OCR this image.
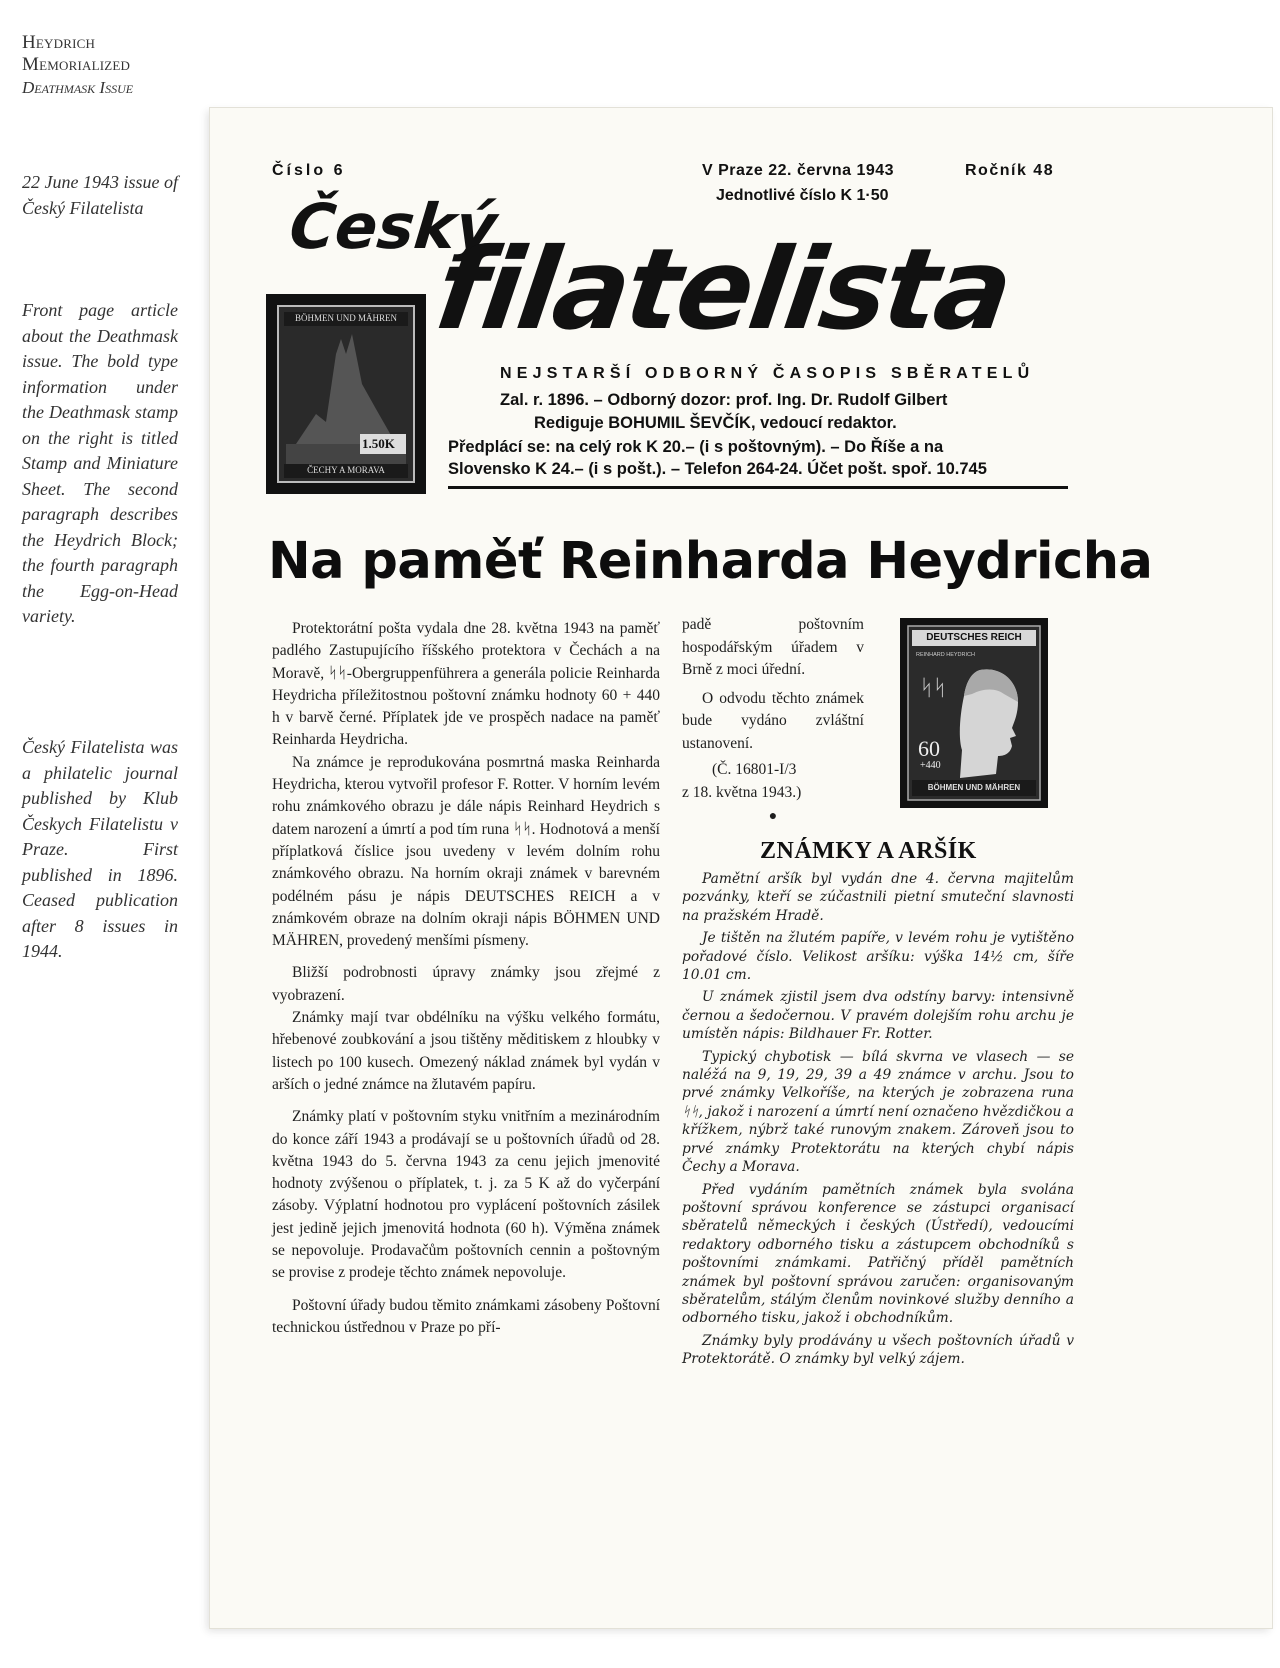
Heydrich Memorialized
Deathmask Issue
22 June 1943 issue of Český Filatelista
Front page article about the Deathmask issue. The bold type information under the Deathmask stamp on the right is titled Stamp and Miniature Sheet. The second paragraph describes the Heydrich Block; the fourth paragraph the Egg-on-Head variety.
Český Filatelista was a philatelic journal published by Klub Českych Filatelistu v Praze. First published in 1896. Ceased publication after 8 issues in 1944.
Číslo 6	V Praze 22. června 1943	Ročník 48
Jednotlivé číslo K 1·50
Český
filatelista
BÖHMEN UND MÄHREN
1.50K
ČECHY A MORAVA
NEJSTARŠÍ ODBORNÝ ČASOPIS SBĚRATELŮ
Zal. r. 1896. – Odborný dozor: prof. Ing. Dr. Rudolf Gilbert
Rediguje BOHUMIL ŠEVČÍK, vedoucí redaktor.
Předplácí se: na celý rok K 20.– (i s poštovným). – Do Říše a na
Slovensko K 24.– (i s pošt.). – Telefon 264-24. Účet pošt. spoř. 10.745
Na paměť Reinharda Heydricha

Protektorátní pošta vydala dne 28. května 1943 na paměť padlého Zastupujícího říšského protektora v Čechách a na Moravě, ᛋᛋ-Obergruppenführera a generála policie Reinharda Heydricha příležitostnou poštovní známku hodnoty 60 + 440 h v barvě černé. Příplatek jde ve prospěch nadace na paměť Reinharda Heydricha.

Na známce je reprodukována posmrtná maska Reinharda Heydricha, kterou vytvořil profesor F. Rotter. V horním levém rohu známkového obrazu je dále nápis Reinhard Heydrich s datem narození a úmrtí a pod tím runa ᛋᛋ. Hodnotová a menší příplatková číslice jsou uvedeny v levém dolním rohu známkového obrazu. Na horním okraji známek v barevném podélném pásu je nápis DEUTSCHES REICH a v známkovém obraze na dolním okraji nápis BÖHMEN UND MÄHREN, provedený menšími písmeny.

Bližší podrobnosti úpravy známky jsou zřejmé z vyobrazení.

Známky mají tvar obdélníku na výšku velkého formátu, hřebenové zoubkování a jsou tištěny měditiskem z hloubky v listech po 100 kusech. Omezený náklad známek byl vydán v arších o jedné známce na žlutavém papíru.

Známky platí v poštovním styku vnitřním a mezinárodním do konce září 1943 a prodávají se u poštovních úřadů od 28. května 1943 do 5. června 1943 za cenu jejich jmenovité hodnoty zvýšenou o příplatek, t. j. za 5 K až do vyčerpání zásoby. Výplatní hodnotou pro vyplácení poštovních zásilek jest jedině jejich jmenovitá hodnota (60 h). Výměna známek se nepovoluje. Prodavačům poštovních cennin a poštovným se provise z prodeje těchto známek nepovoluje.

Poštovní úřady budou těmito známkami zásobeny Poštovní technickou ústřednou v Praze po pří-

padě poštovním hospodářským úřadem v Brně z moci úřední.
O odvodu těchto známek bude vydáno zvláštní ustanovení.
(Č. 16801-I/3
z 18. května 1943.)
●
DEUTSCHES REICH
REINHARD HEYDRICH
ᛋᛋ
60
+440
BÖHMEN UND MÄHREN
ZNÁMKY A ARŠÍK

Pamětní aršík byl vydán dne 4. června majitelům pozvánky, kteří se zúčastnili pietní smuteční slavnosti na pražském Hradě.

Je tištěn na žlutém papíře, v levém rohu je vytištěno pořadové číslo. Velikost aršíku: výška 14½ cm, šíře 10.01 cm.

U známek zjistil jsem dva odstíny barvy: intensivně černou a šedočernou. V pravém dolejším rohu archu je umístěn nápis: Bildhauer Fr. Rotter.

Typický chybotisk — bílá skvrna ve vlasech — se naléžá na 9, 19, 29, 39 a 49 známce v archu. Jsou to prvé známky Velkoříše, na kterých je zobrazena runa ᛋᛋ, jakož i narození a úmrtí není označeno hvězdičkou a křížkem, nýbrž také runovým znakem. Zároveň jsou to prvé známky Protektorátu na kterých chybí nápis Čechy a Morava.

Před vydáním pamětních známek byla svolána poštovní správou konference se zástupci organisací sběratelů německých i českých (Ústředí), vedoucími redaktory odborného tisku a zástupcem obchodníků s poštovními známkami. Patřičný příděl pamětních známek byl poštovní správou zaručen: organisovaným sběratelům, stálým členům novinkové služby denního a odborného tisku, jakož i obchodníkům.

Známky byly prodávány u všech poštovních úřadů v Protektorátě. O známky byl velký zájem.
